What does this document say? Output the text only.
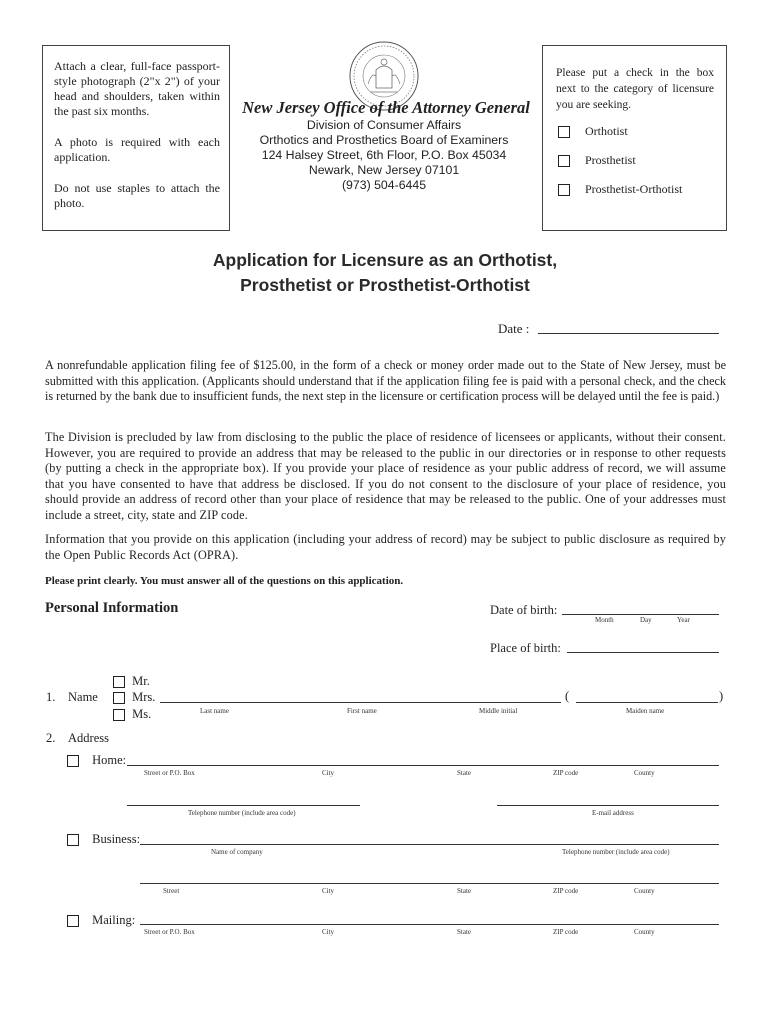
Attach a clear, full-face passport-
style photograph (2"x 2") of your
head and shoulders, taken within
the past six months.
A photo is required with each
application.
Do not use staples to attach the
photo.
New Jersey Office of the Attorney General
Division of Consumer Affairs
Orthotics and Prosthetics Board of Examiners
124 Halsey Street, 6th Floor, P.O. Box 45034
Newark, New Jersey 07101
(973) 504-6445
Please put a check in the box
next to the category of licensure
you are seeking.
Orthotist
Prosthetist
Prosthetist-Orthotist
Application for Licensure as an Orthotist,
Prosthetist or Prosthetist-Orthotist
Date :

A nonrefundable application filing fee of $125.00, in the form of a check or money order made out to the State of New Jersey, must be submitted with this application. (Applicants should understand that if the application filing fee is paid with a personal check, and the check is returned by the bank due to insufficient funds, the next step in the licensure or certification process will be delayed until the fee is paid.)

The Division is precluded by law from disclosing to the public the place of residence of licensees or applicants, without their consent. However, you are required to provide an address that may be released to the public in our directories or in response to other requests (by putting a check in the appropriate box). If you provide your place of residence as your public address of record, we will assume that you have consented to have that address be disclosed. If you do not consent to the disclosure of your place of residence, you should provide an address of record other than your place of residence that may be released to the public. One of your addresses must include a street, city, state and ZIP code.

Information that you provide on this application (including your address of record) may be subject to public disclosure as required by the Open Public Records Act (OPRA).

Please print clearly. You must answer all of the questions on this application.
Personal Information	Date of birth:
Month	Day	Year
Place of birth:
Mr.
Mrs.
Ms.
1. Name	(	)
Last name	First name	Middle initial	Maiden name
2. Address
Home:
Street or P.O. Box	City	State	ZIP code	County
Telephone number (include area code)	E-mail address
Business:
Name of company	Telephone number (include area code)
Street	City	State	ZIP code	County
Mailing:
Street or P.O. Box	City	State	ZIP code	County
